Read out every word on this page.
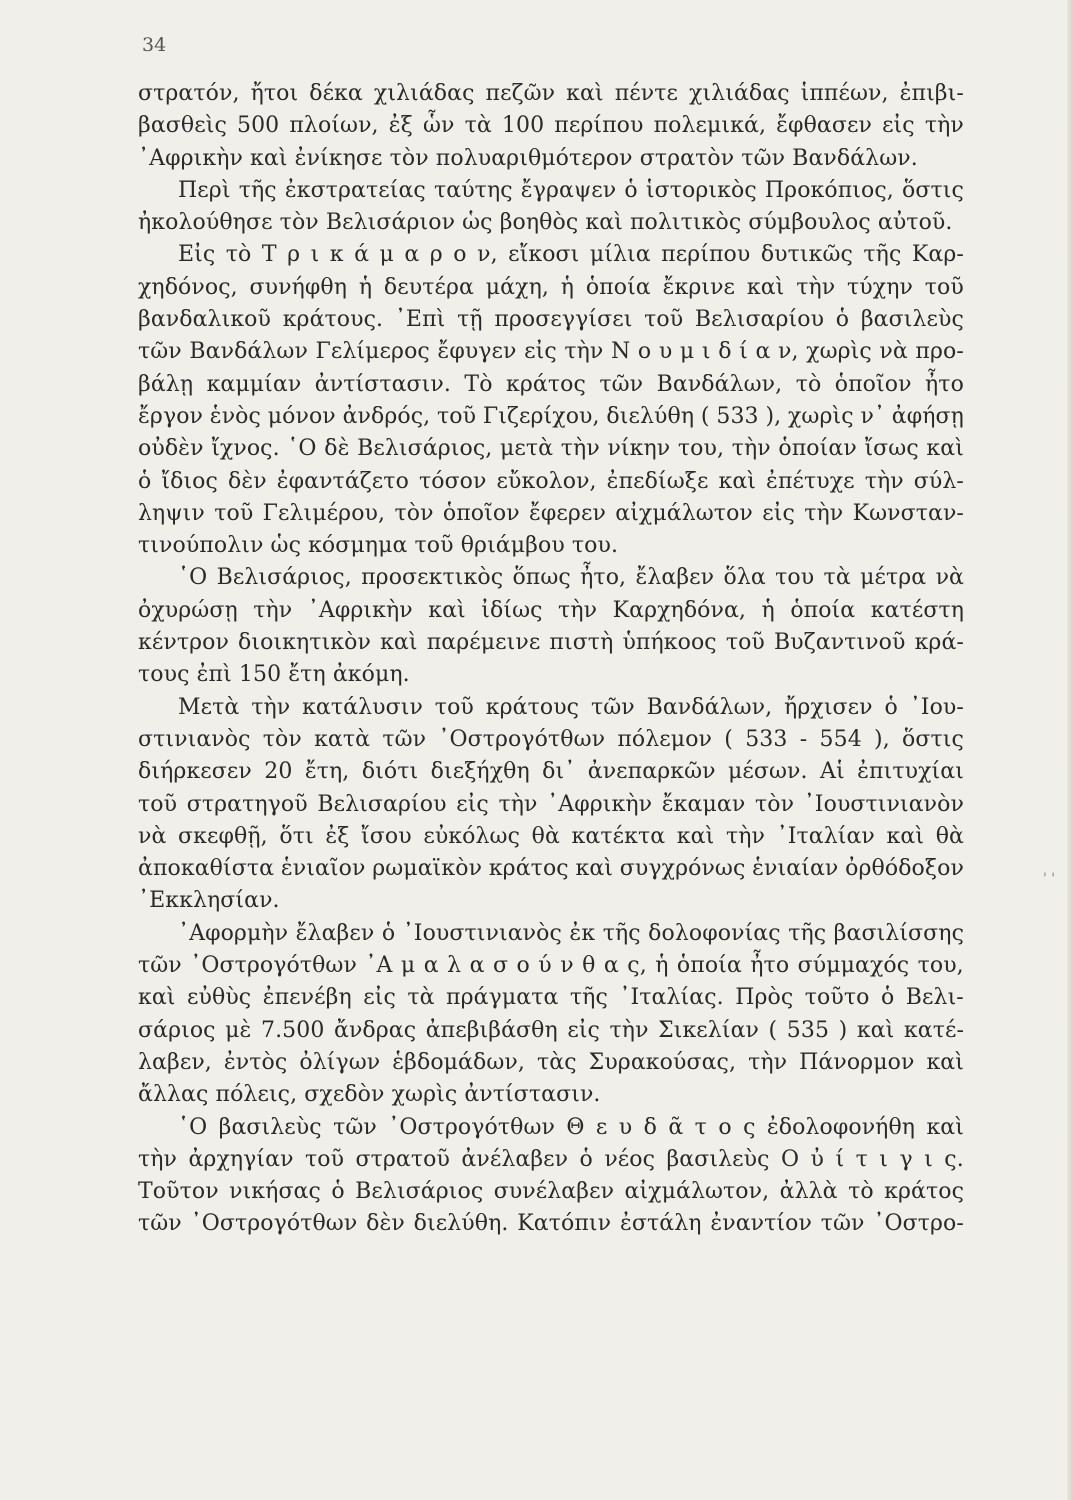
34
στρατόν, ἤτοι δέκα χιλιάδας πεζῶν καὶ πέντε χιλιάδας ἱππέων, ἐπιβι-
βασθεὶς 500 πλοίων, ἐξ ὧν τὰ 100 περίπου πολεμικά, ἔφθασεν εἰς τὴν
᾿Αφρικὴν καὶ ἐνίκησε τὸν πολυαριθμότερον στρατὸν τῶν Βανδάλων.
Περὶ τῆς ἐκστρατείας ταύτης ἔγραψεν ὁ ἱστορικὸς Προκόπιος, ὅστις
ἠκολούθησε τὸν Βελισάριον ὡς βοηθὸς καὶ πολιτικὸς σύμβουλος αὐτοῦ.
Εἰς τὸ Τ ρ ι κ ά μ α ρ ο ν, εἴκοσι μίλια περίπου δυτικῶς τῆς Καρ-
χηδόνος, συνήφθη ἡ δευτέρα μάχη, ἡ ὁποία ἔκρινε καὶ τὴν τύχην τοῦ
βανδαλικοῦ κράτους. ᾿Επὶ τῇ προσεγγίσει τοῦ Βελισαρίου ὁ βασιλεὺς
τῶν Βανδάλων Γελίμερος ἔφυγεν εἰς τὴν Ν ο υ μ ι δ ί α ν, χωρὶς νὰ προ-
βάλῃ καμμίαν ἀντίστασιν. Τὸ κράτος τῶν Βανδάλων, τὸ ὁποῖον ἦτο
ἔργον ἑνὸς μόνον ἀνδρός, τοῦ Γιζερίχου, διελύθη ( 533 ), χωρὶς ν᾿ ἀφήσῃ
οὐδὲν ἴχνος. ῾Ο δὲ Βελισάριος, μετὰ τὴν νίκην του, τὴν ὁποίαν ἴσως καὶ
ὁ ἴδιος δὲν ἐφαντάζετο τόσον εὔκολον, ἐπεδίωξε καὶ ἐπέτυχε τὴν σύλ-
ληψιν τοῦ Γελιμέρου, τὸν ὁποῖον ἔφερεν αἰχμάλωτον εἰς τὴν Κωνσταν-
τινούπολιν ὡς κόσμημα τοῦ θριάμβου του.
῾Ο Βελισάριος, προσεκτικὸς ὅπως ἦτο, ἔλαβεν ὅλα του τὰ μέτρα νὰ
ὀχυρώσῃ τὴν ᾿Αφρικὴν καὶ ἰδίως τὴν Καρχηδόνα, ἡ ὁποία κατέστη
κέντρον διοικητικὸν καὶ παρέμεινε πιστὴ ὑπήκοος τοῦ Βυζαντινοῦ κρά-
τους ἐπὶ 150 ἔτη ἀκόμη.
Μετὰ τὴν κατάλυσιν τοῦ κράτους τῶν Βανδάλων, ἤρχισεν ὁ ᾿Ιου-
στινιανὸς τὸν κατὰ τῶν ᾿Οστρογότθων πόλεμον ( 533 - 554 ), ὅστις
διήρκεσεν 20 ἔτη, διότι διεξήχθη δι᾿ ἀνεπαρκῶν μέσων. Αἱ ἐπιτυχίαι
τοῦ στρατηγοῦ Βελισαρίου εἰς τὴν ᾿Αφρικὴν ἔκαμαν τὸν ᾿Ιουστινιανὸν
νὰ σκεφθῇ, ὅτι ἐξ ἴσου εὐκόλως θὰ κατέκτα καὶ τὴν ᾿Ιταλίαν καὶ θὰ
ἀποκαθίστα ἑνιαῖον ρωμαϊκὸν κράτος καὶ συγχρόνως ἑνιαίαν ὀρθόδοξον
᾿Εκκλησίαν.
᾿Αφορμὴν ἔλαβεν ὁ ᾿Ιουστινιανὸς ἐκ τῆς δολοφονίας τῆς βασιλίσσης
τῶν ᾿Οστρογότθων ᾿Α μ α λ α σ ο ύ ν θ α ς, ἡ ὁποία ἦτο σύμμαχός του,
καὶ εὐθὺς ἐπενέβη εἰς τὰ πράγματα τῆς ᾿Ιταλίας. Πρὸς τοῦτο ὁ Βελι-
σάριος μὲ 7.500 ἄνδρας ἀπεβιβάσθη εἰς τὴν Σικελίαν ( 535 ) καὶ κατέ-
λαβεν, ἐντὸς ὀλίγων ἑβδομάδων, τὰς Συρακούσας, τὴν Πάνορμον καὶ
ἄλλας πόλεις, σχεδὸν χωρὶς ἀντίστασιν.
῾Ο βασιλεὺς τῶν ᾿Οστρογότθων Θ ε υ δ ᾶ τ ο ς ἐδολοφονήθη καὶ
τὴν ἀρχηγίαν τοῦ στρατοῦ ἀνέλαβεν ὁ νέος βασιλεὺς Ο ὐ ί τ ι γ ι ς.
Τοῦτον νικήσας ὁ Βελισάριος συνέλαβεν αἰχμάλωτον, ἀλλὰ τὸ κράτος
τῶν ᾿Οστρογότθων δὲν διελύθη. Κατόπιν ἐστάλη ἐναντίον τῶν ᾿Οστρο-
' '
